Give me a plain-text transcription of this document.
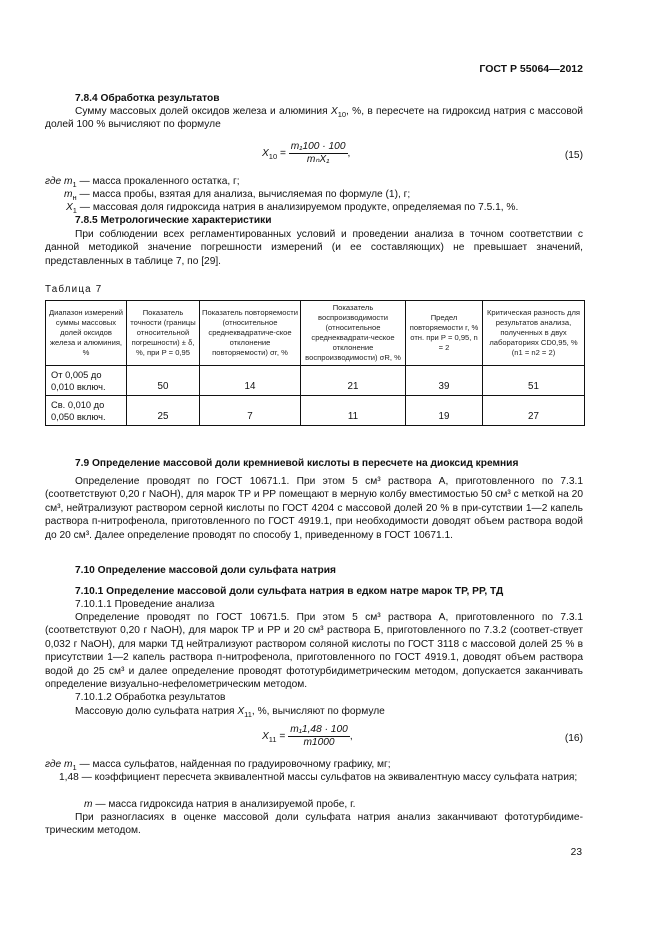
ГОСТ Р 55064—2012
7.8.4 Обработка результатов
Сумму массовых долей оксидов железа и алюминия $X_{10}$, %, в пересчете на гидроксид натрия с массовой долей 100 % вычисляют по формуле
$X_{10} = \frac{\text{m₁100 · 100}}{\text{mₙX₁}}$ ,	(15)
где $m_1$ — масса прокаленного остатка, г;
$m_н$ — масса пробы, взятая для анализа, вычисляемая по формуле (1), г;
$X_1$ — массовая доля гидроксида натрия в анализируемом продукте, определяемая по 7.5.1, %.
7.8.5 Метрологические характеристики
При соблюдении всех регламентированных условий и проведении анализа в точном соответствии с данной методикой значение погрешности измерений (и ее составляющих) не превышает значений, представленных в таблице 7, по [29].
Таблица 7
Диапазон измерений суммы массовых долей оксидов железа и алюминия, %	Показатель точности (границы относительной погрешности) ± δ, %, при P = 0,95	Показатель повторяемости (относительное среднеквадратиче-ское отклонение повторяемости) σr, %	Показатель воспроизводимости (относительное среднеквадрати-ческое отклонение воспроизводимости) σR, %	Предел повторяемости r, % отн. при P = 0,95, n = 2	Критическая разность для результатов анализа, полученных в двух лабораториях CD0,95, % (n1 = n2 = 2)
От 0,005 до 0,010 включ.	50	14	21	39	51
Св. 0,010 до 0,050 включ.	25	7	11	19	27
7.9 Определение массовой доли кремниевой кислоты в пересчете на диоксид кремния
Определение проводят по ГОСТ 10671.1. При этом 5 см³ раствора А, приготовленного по 7.3.1 (соответствуют 0,20 г NaOH), для марок ТР и РР помещают в мерную колбу вместимостью 50 см³ с меткой на 20 см³, нейтрализуют раствором серной кислоты по ГОСТ 4204 с массовой долей 20 % в при-сутствии 1—2 капель раствора п-нитрофенола, приготовленного по ГОСТ 4919.1, при необходимости доводят объем раствора водой до 20 см³. Далее определение проводят по способу 1, приведенному в ГОСТ 10671.1.
7.10 Определение массовой доли сульфата натрия
7.10.1 Определение массовой доли сульфата натрия в едком натре марок ТР, РР, ТД
7.10.1.1 Проведение анализа
Определение проводят по ГОСТ 10671.5. При этом 5 см³ раствора А, приготовленного по 7.3.1 (соответствуют 0,20 г NaOH), для марок ТР и РР и 20 см³ раствора Б, приготовленного по 7.3.2 (соответ-ствует 0,032 г NaOH), для марки ТД нейтрализуют раствором соляной кислоты по ГОСТ 3118 с массовой долей 25 % в присутствии 1—2 капель раствора п-нитрофенола, приготовленного по ГОСТ 4919.1, доводят объем раствора водой до 25 см³ и далее определение проводят фототурбидиметрическим методом, допускается заканчивать определение визуально-нефелометрическим методом.
7.10.1.2 Обработка результатов
Массовую долю сульфата натрия $X_{11}$, %, вычисляют по формуле
$X_{11} = \frac{\text{m₁1,48 · 100}}{m1000}$ ,	(16)
где $m_1$ — масса сульфатов, найденная по градуировочному графику, мг;
1,48 — коэффициент пересчета эквивалентной массы сульфатов на эквивалентную массу сульфата натрия;
m — масса гидроксида натрия в анализируемой пробе, г.
При разногласиях в оценке массовой доли сульфата натрия анализ заканчивают фототурбидиме-трическим методом.
23
